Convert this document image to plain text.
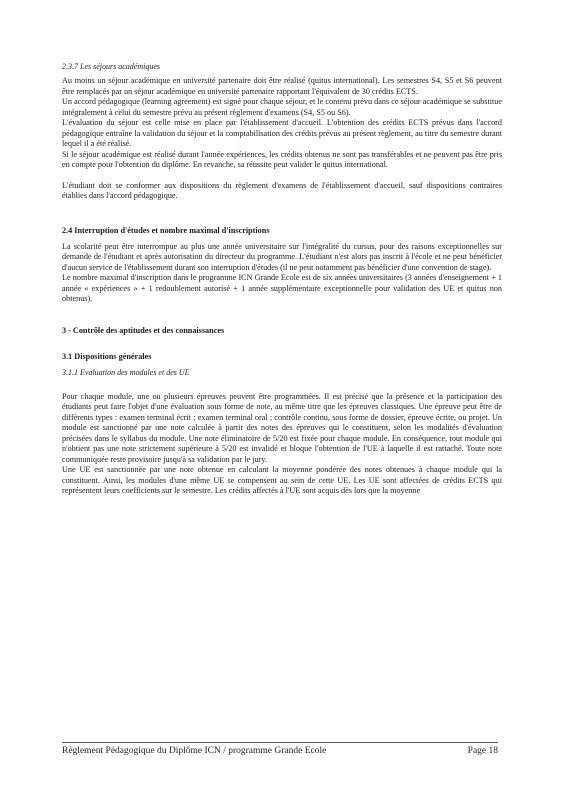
2.3.7 Les séjours académiques

Au moins un séjour académique en université partenaire doit être réalisé (quitus international). Les semestres S4, S5 et S6 peuvent être remplacés par un séjour académique en université partenaire rapportant l'équivalent de 30 crédits ECTS.

Un accord pédagogique (learning agreement) est signé pour chaque séjour, et le contenu prévu dans ce séjour académique se substitue intégralement à celui du semestre prévu au présent règlement d'examens (S4, S5 ou S6).

L'évaluation du séjour est celle mise en place par l'établissement d'accueil. L'obtention des crédits ECTS prévus dans l'accord pédagogique entraîne la validation du séjour et la comptabilisation des crédits prévus au présent règlement, au titre du semestre durant lequel il a été réalisé.

Si le séjour académique est réalisé durant l'année expériences, les crédits obtenus ne sont pas transférables et ne peuvent pas être pris en compte pour l'obtention du diplôme. En revanche, sa réussite peut valider le quitus international.

L'étudiant doit se conformer aux dispositions du règlement d'examens de l'établissement d'accueil, sauf dispositions contraires établies dans l'accord pédagogique.

2.4 Interruption d'études et nombre maximal d'inscriptions

La scolarité peut être interrompue au plus une année universitaire sur l'intégralité du cursus, pour des raisons exceptionnelles sur demande de l'étudiant et après autorisation du directeur du programme. L'étudiant n'est alors pas inscrit à l'école et ne peut bénéficier d'aucun service de l'établissement durant son interruption d'études (il ne peut notamment pas bénéficier d'une convention de stage).

Le nombre maximal d'inscription dans le programme ICN Grande Ecole est de six années universitaires (3 années d'enseignement + 1 année « expériences » + 1 redoublement autorisé + 1 année supplémentaire exceptionnelle pour validation des UE et quitus non obtenus).

3 - Contrôle des aptitudes et des connaissances
3.1 Dispositions générales
3.1.1 Evaluation des modules et des UE

Pour chaque module, une ou plusieurs épreuves peuvent être programmées. Il est précisé que la présence et la participation des étudiants peut faire l'objet d'une évaluation sous forme de note, au même titre que les épreuves classiques. Une épreuve peut être de différents types : examen terminal écrit ; examen terminal oral ; contrôle continu, sous forme de dossier, épreuve écrite, ou projet. Un module est sanctionné par une note calculée à partir des notes des épreuves qui le constituent, selon les modalités d'évaluation précisées dans le syllabus du module. Une note éliminatoire de 5/20 est fixée pour chaque module. En conséquence, tout module qui n'obtient pas une note strictement supérieure à 5/20 est invalidé et bloque l'obtention de l'UE à laquelle il est rattaché. Toute note communiquée reste provisoire jusqu'à sa validation par le jury.

Une UE est sanctionnée par une note obtenue en calculant la moyenne pondérée des notes obtenues à chaque module qui la constituent. Ainsi, les modules d'une même UE se compensent au sein de cette UE. Les UE sont affectées de crédits ECTS qui représentent leurs coefficients sur le semestre. Les crédits affectés à l'UE sont acquis dès lors que la moyenne

Règlement Pédagogique du Diplôme ICN / programme Grande Ecole	Page 18
